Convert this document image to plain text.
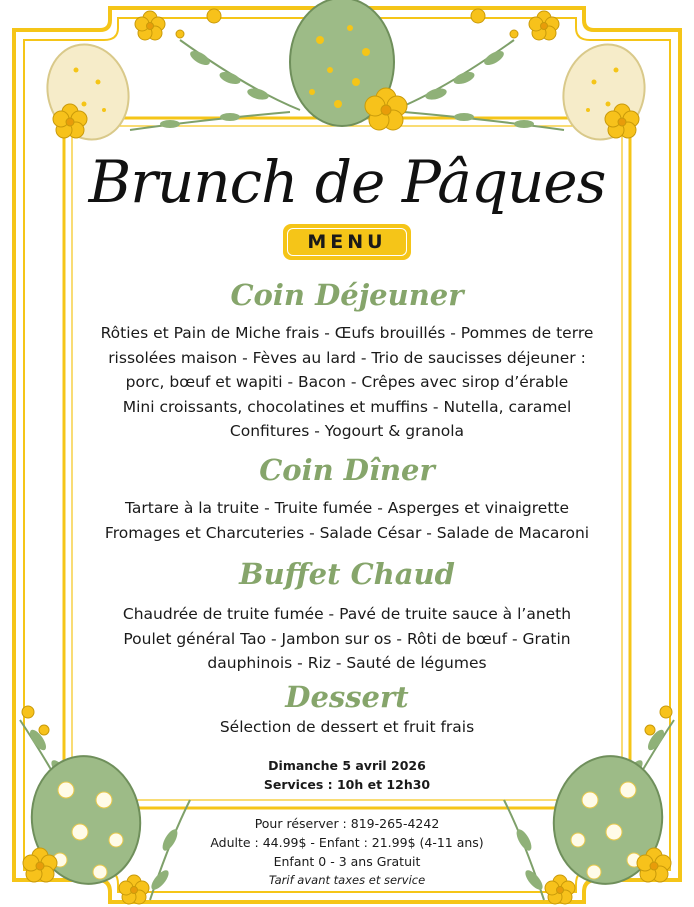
Brunch de Pâques
MENU
Coin Déjeuner
Rôties et Pain de Miche frais - Œufs brouillés - Pommes de terre
rissolées maison - Fèves au lard - Trio de saucisses déjeuner :
porc, bœuf et wapiti - Bacon - Crêpes avec sirop d’érable
Mini croissants, chocolatines et muffins - Nutella, caramel
Confitures - Yogourt & granola
Coin Dîner
Tartare à la truite - Truite fumée - Asperges et vinaigrette
Fromages et Charcuteries - Salade César - Salade de Macaroni
Buffet Chaud
Chaudrée de truite fumée - Pavé de truite sauce à l’aneth
Poulet général Tao - Jambon sur os - Rôti de bœuf - Gratin
dauphinois - Riz - Sauté de légumes
Dessert
Sélection de dessert et fruit frais
Dimanche 5 avril 2026
Services : 10h et 12h30
Pour réserver : 819-265-4242
Adulte : 44.99$ - Enfant : 21.99$ (4-11 ans)
Enfant 0 - 3 ans Gratuit
Tarif avant taxes et service
